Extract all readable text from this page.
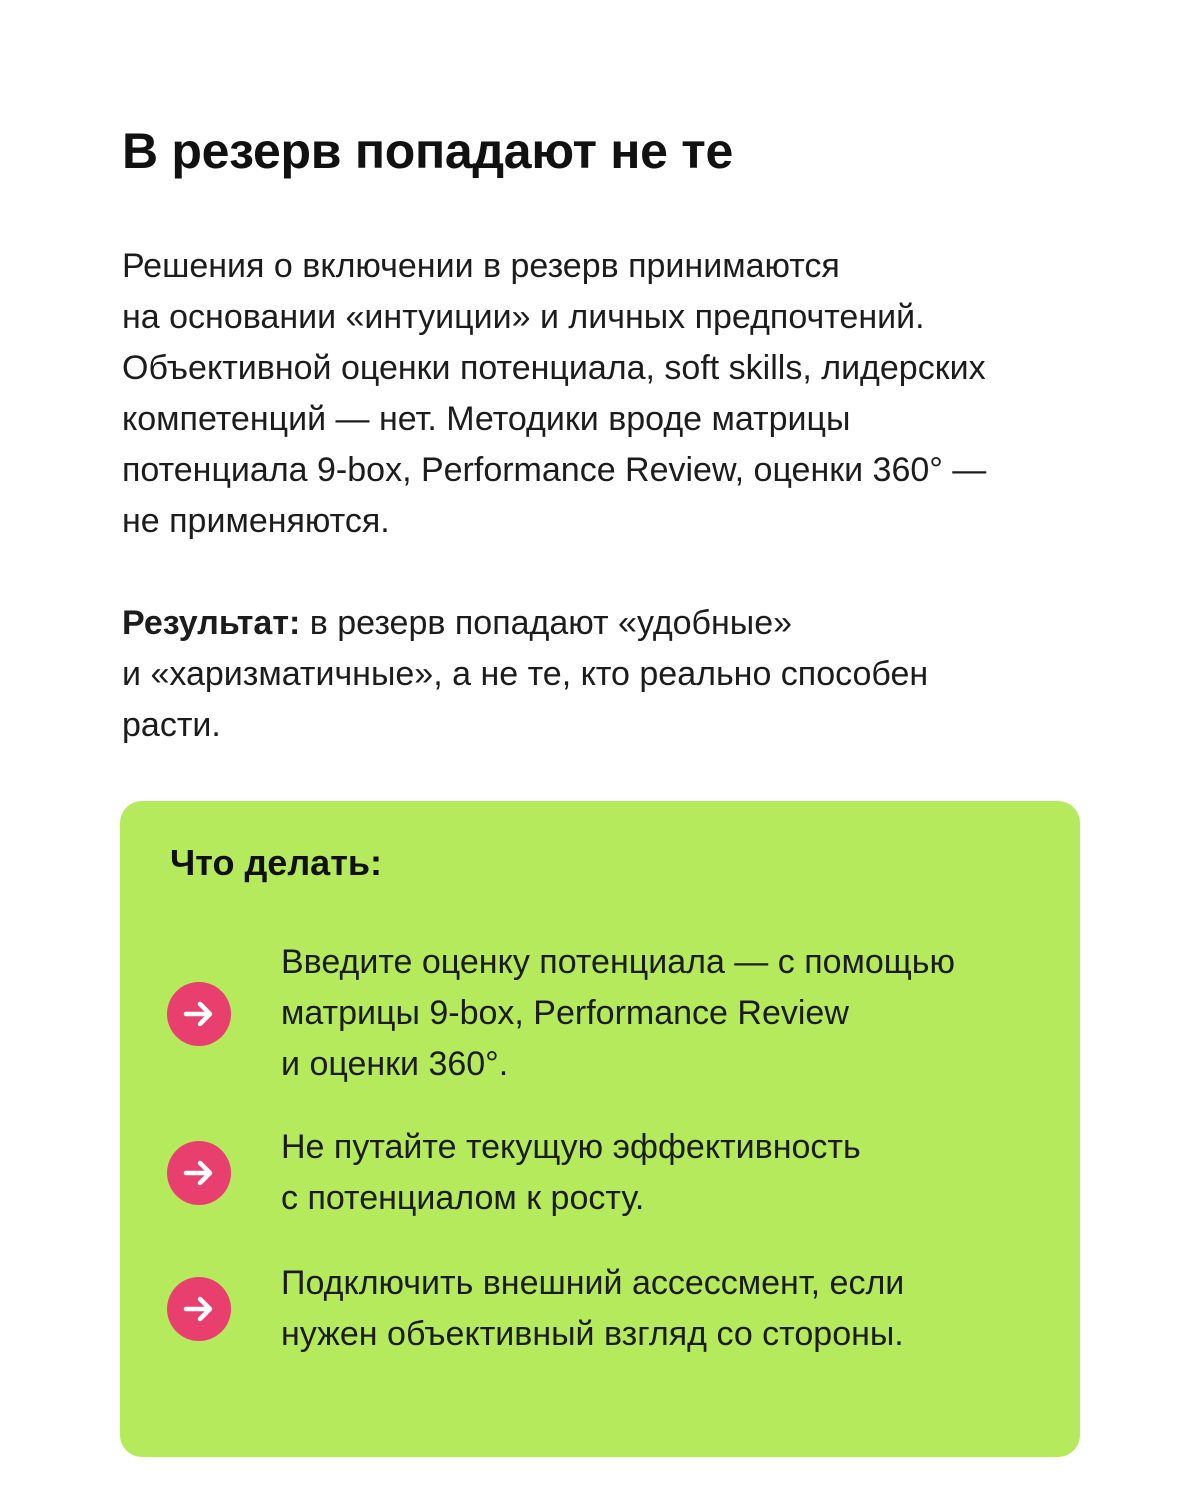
В резерв попадают не те

Решения о включении в резерв принимаются
на основании «интуиции» и личных предпочтений.
Объективной оценки потенциала, soft skills, лидерских
компетенций — нет. Методики вроде матрицы
потенциала 9-box, Performance Review, оценки 360° —
не применяются.

Результат: в резерв попадают «удобные»
и «харизматичные», а не те, кто реально способен
расти.

Что делать:

Введите оценку потенциала — с помощью
матрицы 9-box, Performance Review
и оценки 360°.

Не путайте текущую эффективность
с потенциалом к росту.

Подключить внешний ассессмент, если
нужен объективный взгляд со стороны.
